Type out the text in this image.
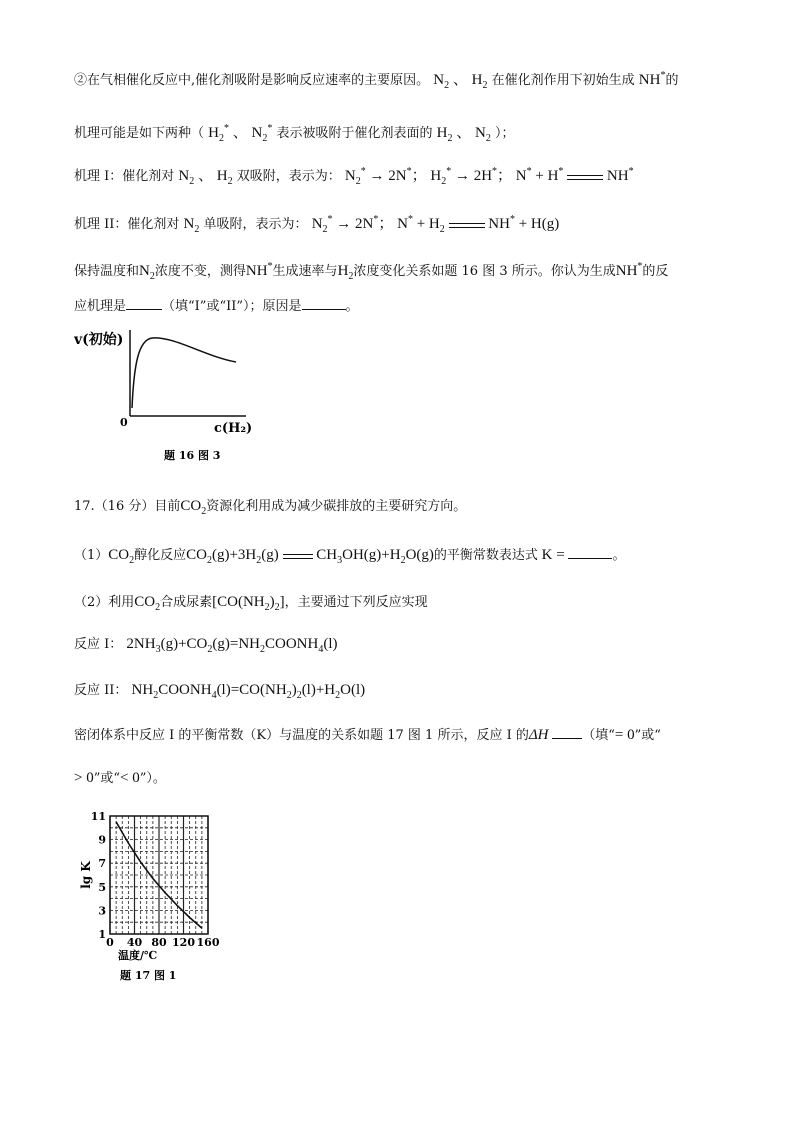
②在气相催化反应中,催化剂吸附是影响反应速率的主要原因。 $N_2$ 、 $H_2$ 在催化剂作用下初始生成 NH*的
机理可能是如下两种（ $H_2^*$ 、 $N_2^*$ 表示被吸附于催化剂表面的 $H_2$ 、 $N_2$ ）；
机理 I：催化剂对 $N_2$ 、 $H_2$ 双吸附，表示为： $N_2^* \to 2N^*$； $H_2^* \to 2H^*$； N* + H*	NH*
机理 II：催化剂对 $N_2$ 单吸附，表示为： $N_2^* \to 2N^*$； $N^* + H_2$	NH* + H(g)
保持温度和$N_2$浓度不变，测得NH*生成速率与$H_2$浓度变化关系如题 16 图 3 所示。你认为生成NH*的反
应机理是	（填“I”或“II”）；原因是	。
v(初始)
0	c(H₂)
题 16 图 3
17.（16 分）目前$CO_2$资源化利用成为减少碳排放的主要研究方向。
$(1)CO_2$醇化反应$CO_2(g)+3H_2(g)$  $CH_3OH(g)+H_2O(g)$的平衡常数表达式 K =	。
（2）利用$CO_2$合成尿素$[CO(NH_2)_2]$，主要通过下列反应实现
反应 I： $2NH_3(g)+CO_2(g)=NH_2COONH_4(l)$
反应 II： $NH_2COONH_4(l)=CO(NH_2)_2(l)+H_2O(l)$
密闭体系中反应 I 的平衡常数（K）与温度的关系如题 17 图 1 所示，反应 I 的ΔH	（填“= 0”或“
> 0”或“< 0”）。
0 40 80 120 160
1
3
5
7
9
11
lg K
温度/℃
题 17 图 1
